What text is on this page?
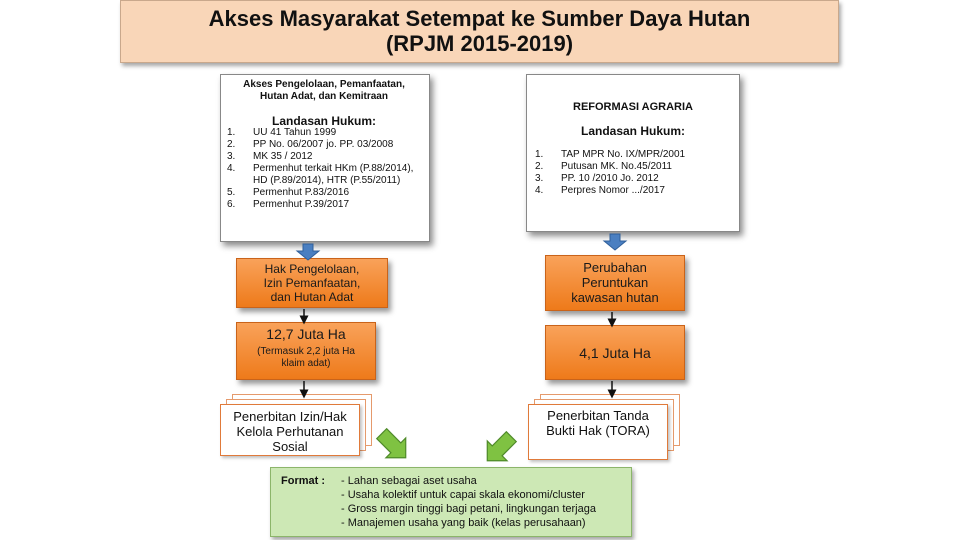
Akses Masyarakat Setempat ke Sumber Daya Hutan
(RPJM 2015-2019)
Akses Pengelolaan, Pemanfaatan,
Hutan Adat, dan Kemitraan
Landasan Hukum:
1.	UU 41 Tahun 1999
2.	PP No. 06/2007 jo. PP. 03/2008
3.	MK 35 / 2012
4.	Permenhut terkait HKm (P.88/2014), HD (P.89/2014), HTR (P.55/2011)
5.	Permenhut P.83/2016
6.	Permenhut P.39/2017
REFORMASI AGRARIA
Landasan Hukum:
1.	TAP MPR No. IX/MPR/2001
2.	Putusan MK. No.45/2011
3.	PP. 10 /2010 Jo. 2012
4.	Perpres Nomor .../2017
Hak Pengelolaan, Izin Pemanfaatan, dan Hutan Adat
12,7 Juta Ha
(Termasuk 2,2 juta Ha klaim adat)
Perubahan Peruntukan kawasan hutan
4,1 Juta Ha
Penerbitan Izin/Hak Kelola Perhutanan Sosial
Penerbitan Tanda Bukti Hak (TORA)
Format :	- Lahan sebagai aset usaha
- Usaha kolektif untuk capai skala ekonomi/cluster
- Gross margin tinggi bagi petani, lingkungan terjaga
- Manajemen usaha yang baik (kelas perusahaan)
